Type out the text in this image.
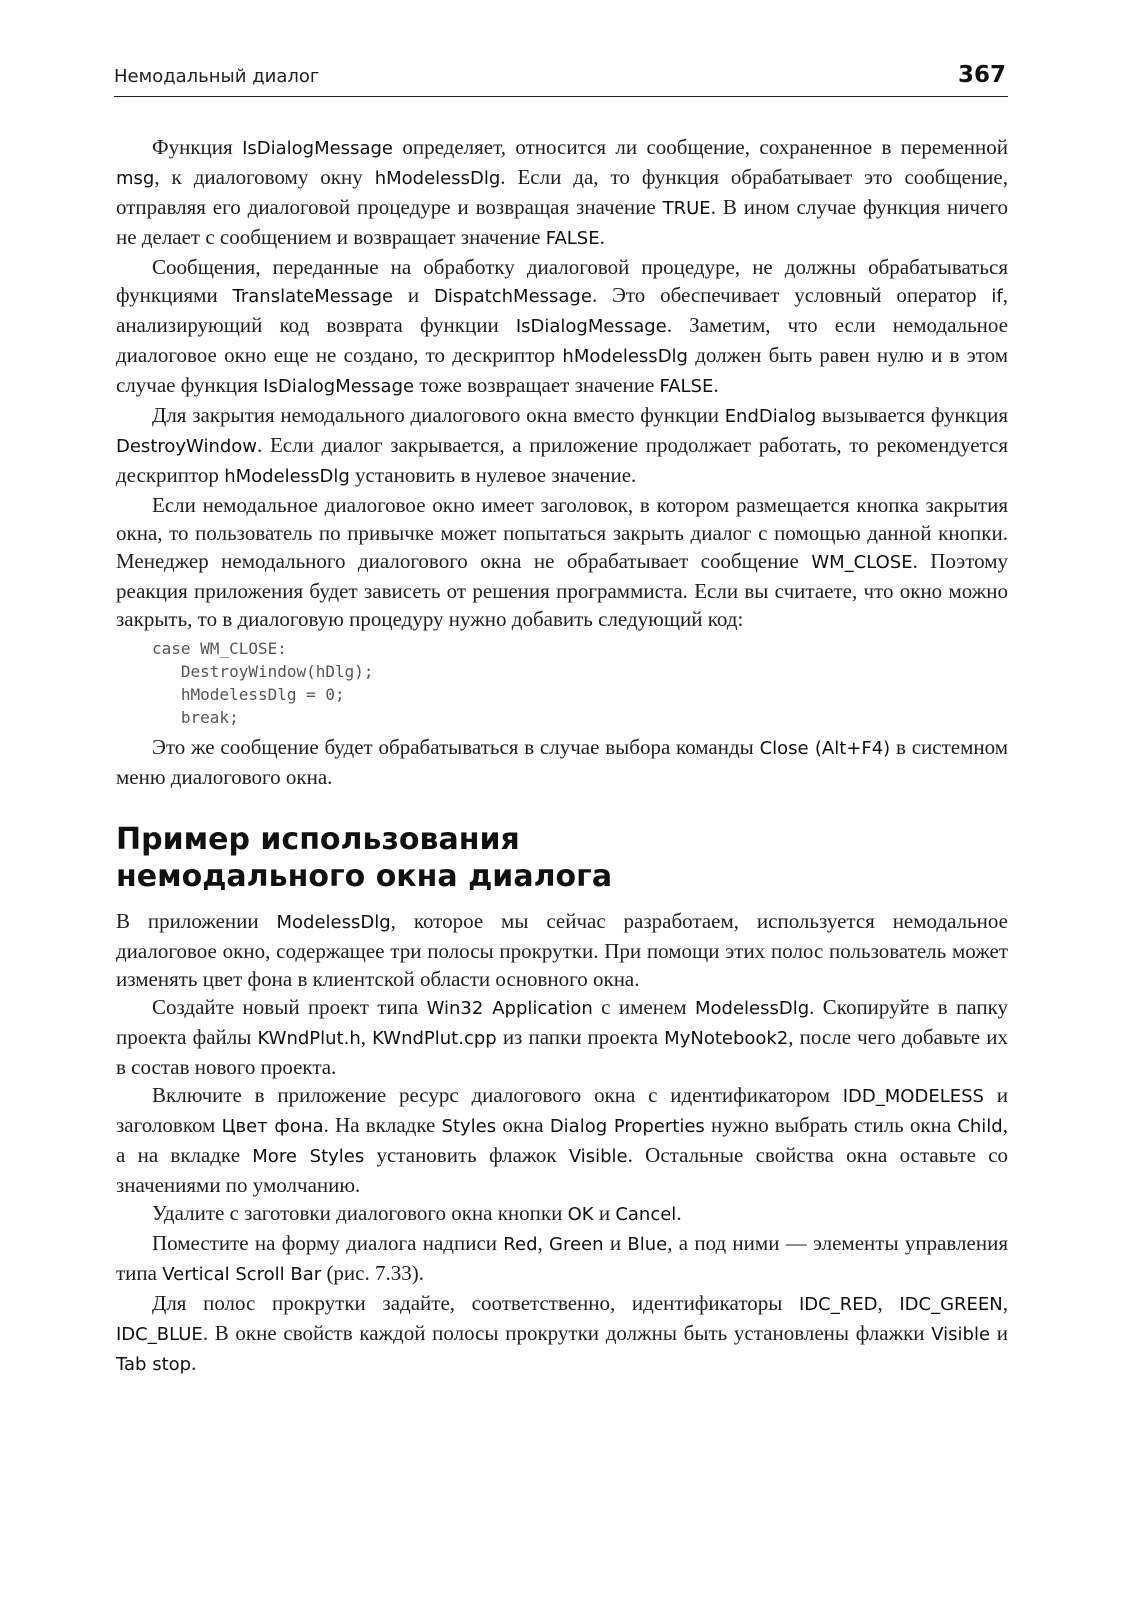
Немодальный диалог	367

Функция IsDialogMessage определяет, относится ли сообщение, сохраненное в переменной msg, к диалоговому окну hModelessDlg. Если да, то функция обрабатывает это сообщение, отправляя его диалоговой процедуре и возвращая значение TRUE. В ином случае функция ничего не делает с сообщением и возвращает значение FALSE.

Сообщения, переданные на обработку диалоговой процедуре, не должны обрабатываться функциями TranslateMessage и DispatchMessage. Это обеспечивает условный оператор if, анализирующий код возврата функции IsDialogMessage. Заметим, что если немодальное диалоговое окно еще не создано, то дескриптор hModelessDlg должен быть равен нулю и в этом случае функция IsDialogMessage тоже возвращает значение FALSE.

Для закрытия немодального диалогового окна вместо функции EndDialog вызывается функция DestroyWindow. Если диалог закрывается, а приложение продолжает работать, то рекомендуется дескриптор hModelessDlg установить в нулевое значение.

Если немодальное диалоговое окно имеет заголовок, в котором размещается кнопка закрытия окна, то пользователь по привычке может попытаться закрыть диалог с помощью данной кнопки. Менеджер немодального диалогового окна не обрабатывает сообщение WM_CLOSE. Поэтому реакция приложения будет зависеть от решения программиста. Если вы считаете, что окно можно закрыть, то в диалоговую процедуру нужно добавить следующий код:

case WM_CLOSE:
DestroyWindow(hDlg);
hModelessDlg = 0;
break;

Это же сообщение будет обрабатываться в случае выбора команды Close (Alt+F4) в системном меню диалогового окна.

Пример использования
немодального окна диалога

В приложении ModelessDlg, которое мы сейчас разработаем, используется немодальное диалоговое окно, содержащее три полосы прокрутки. При помощи этих полос пользователь может изменять цвет фона в клиентской области основного окна.

Создайте новый проект типа Win32 Application с именем ModelessDlg. Скопируйте в папку проекта файлы KWndPlut.h, KWndPlut.cpp из папки проекта MyNotebook2, после чего добавьте их в состав нового проекта.

Включите в приложение ресурс диалогового окна с идентификатором IDD_MODELESS и заголовком Цвет фона. На вкладке Styles окна Dialog Properties нужно выбрать стиль окна Child, а на вкладке More Styles установить флажок Visible. Остальные свойства окна оставьте со значениями по умолчанию.

Удалите с заготовки диалогового окна кнопки OK и Cancel.

Поместите на форму диалога надписи Red, Green и Blue, а под ними — элементы управления типа Vertical Scroll Bar (рис. 7.33).

Для полос прокрутки задайте, соответственно, идентификаторы IDC_RED, IDC_GREEN, IDC_BLUE. В окне свойств каждой полосы прокрутки должны быть установлены флажки Visible и Tab stop.
